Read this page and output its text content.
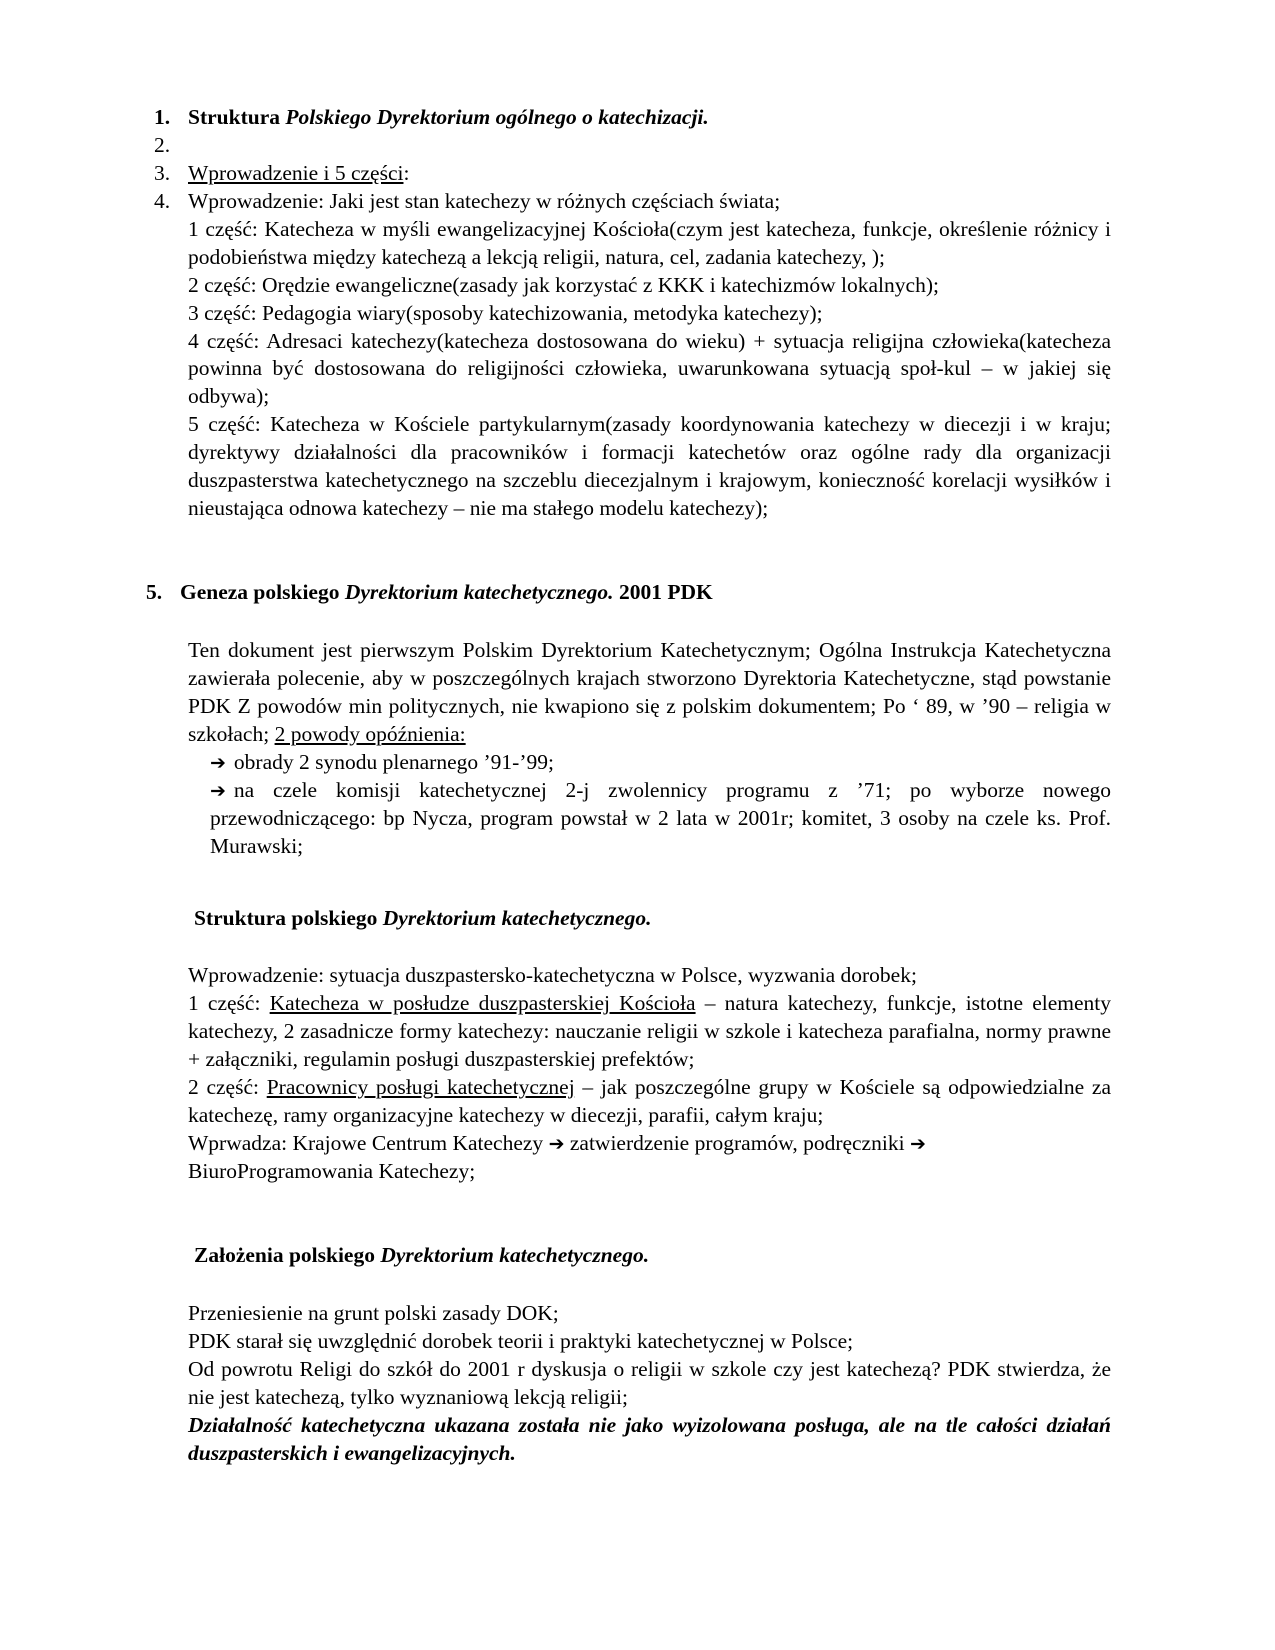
1. Struktura Polskiego Dyrektorium ogólnego o katechizacji.
2.
3. Wprowadzenie i 5 części:
4. Wprowadzenie: Jaki jest stan katechezy w różnych częściach świata;

1 część: Katecheza w myśli ewangelizacyjnej Kościoła(czym jest katecheza, funkcje, określenie różnicy i podobieństwa między katechezą a lekcją religii, natura, cel, zadania katechezy, );

2 część: Orędzie ewangeliczne(zasady jak korzystać z KKK i katechizmów lokalnych);

3 część: Pedagogia wiary(sposoby katechizowania, metodyka katechezy);

4 część: Adresaci katechezy(katecheza dostosowana do wieku) + sytuacja religijna człowieka(katecheza powinna być dostosowana do religijności człowieka, uwarunkowana sytuacją społ-kul – w jakiej się odbywa);

5 część: Katecheza w Kościele partykularnym(zasady koordynowania katechezy w diecezji i w kraju; dyrektywy działalności dla pracowników i formacji katechetów oraz ogólne rady dla organizacji duszpasterstwa katechetycznego na szczeblu diecezjalnym i krajowym, konieczność korelacji wysiłków i nieustająca odnowa katechezy – nie ma stałego modelu katechezy);

5. Geneza polskiego Dyrektorium katechetycznego. 2001 PDK

Ten dokument jest pierwszym Polskim Dyrektorium Katechetycznym; Ogólna Instrukcja Katechetyczna zawierała polecenie, aby w poszczególnych krajach stworzono Dyrektoria Katechetyczne, stąd powstanie PDK Z powodów min politycznych, nie kwapiono się z polskim dokumentem; Po ‘ 89, w ’90 – religia w szkołach; 2 powody opóźnienia:

➔ obrady 2 synodu plenarnego ’91-’99;

➔ na czele komisji katechetycznej 2-j zwolennicy programu z ’71; po wyborze nowego przewodniczącego: bp Nycza, program powstał w 2 lata w 2001r; komitet, 3 osoby na czele ks. Prof. Murawski;

Struktura polskiego Dyrektorium katechetycznego.

Wprowadzenie: sytuacja duszpastersko-katechetyczna w Polsce, wyzwania dorobek;

1 część: Katecheza w posłudze duszpasterskiej Kościoła – natura katechezy, funkcje, istotne elementy katechezy, 2 zasadnicze formy katechezy: nauczanie religii w szkole i katecheza parafialna, normy prawne + załączniki, regulamin posługi duszpasterskiej prefektów;

2 część: Pracownicy posługi katechetycznej – jak poszczególne grupy w Kościele są odpowiedzialne za katechezę, ramy organizacyjne katechezy w diecezji, parafii, całym kraju;

Wprwadza: Krajowe Centrum Katechezy ➔ zatwierdzenie programów, podręczniki ➔

BiuroProgramowania Katechezy;

Założenia polskiego Dyrektorium katechetycznego.

Przeniesienie na grunt polski zasady DOK;

PDK starał się uwzględnić dorobek teorii i praktyki katechetycznej w Polsce;

Od powrotu Religi do szkół do 2001 r dyskusja o religii w szkole czy jest katechezą? PDK stwierdza, że nie jest katechezą, tylko wyznaniową lekcją religii;

Działalność katechetyczna ukazana została nie jako wyizolowana posługa, ale na tle całości działań duszpasterskich i ewangelizacyjnych.
